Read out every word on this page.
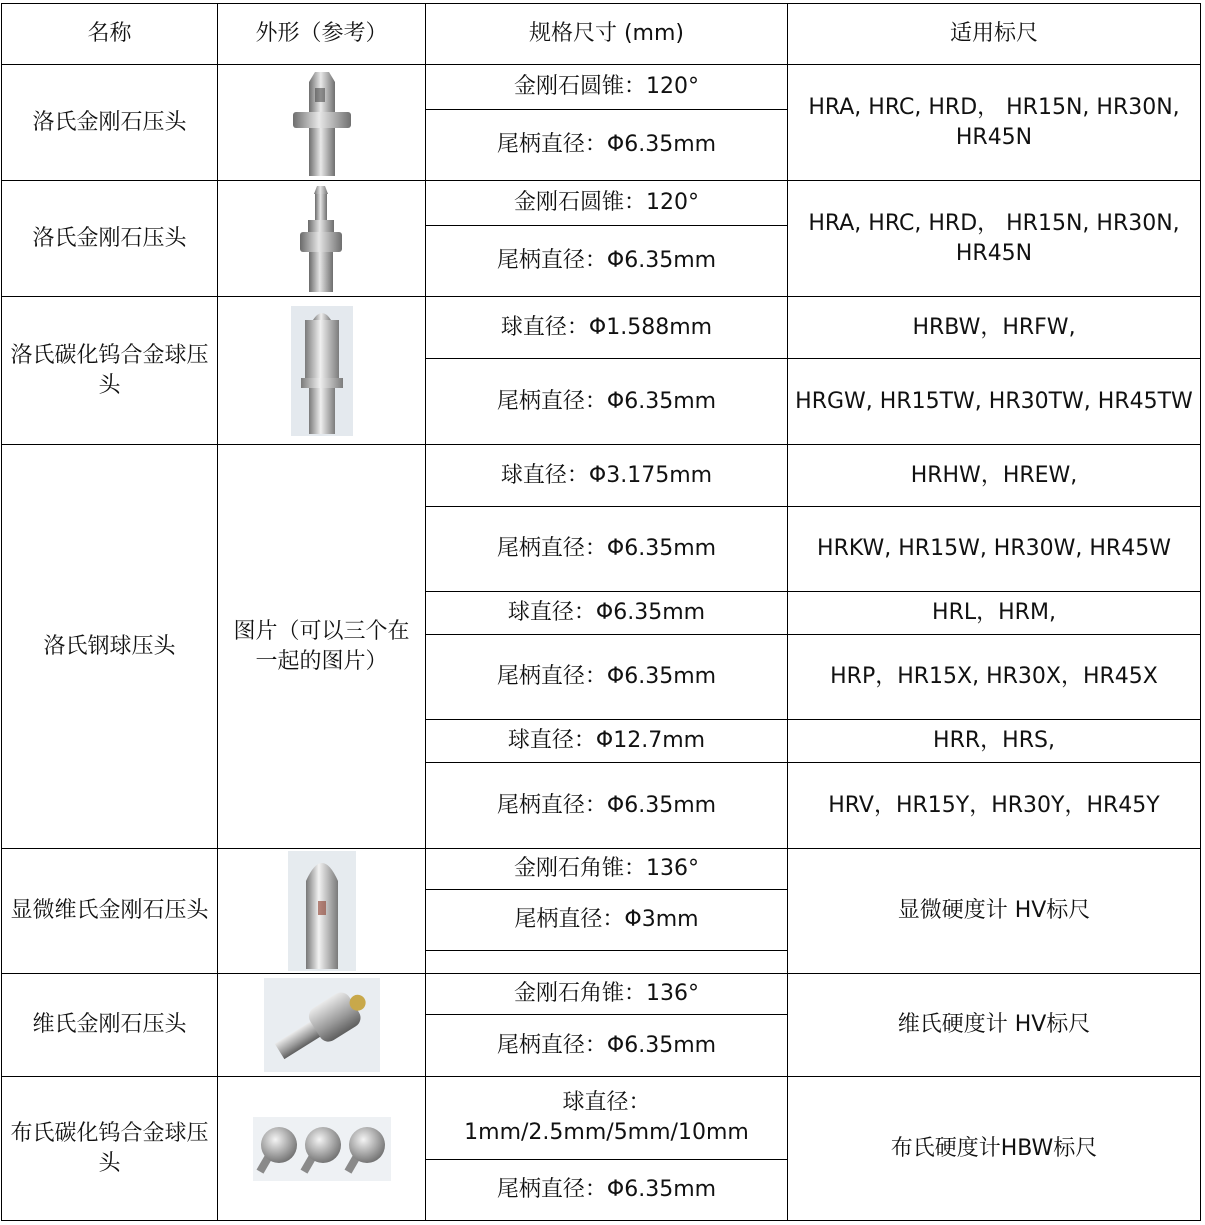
名称	外形（参考）	规格尺寸 (mm)	适用标尺
洛氏金刚石压头		金刚石圆锥：120°	HRA, HRC, HRD， HR15N, HR30N, HR45N
		尾柄直径：Φ6.35mm	
洛氏金刚石压头		金刚石圆锥：120°	HRA, HRC, HRD， HR15N, HR30N, HR45N
		尾柄直径：Φ6.35mm	
洛氏碳化钨合金球压头		球直径：Φ1.588mm	HRBW，HRFW,
		尾柄直径：Φ6.35mm	HRGW, HR15TW, HR30TW, HR45TW
洛氏钢球压头	图片（可以三个在一起的图片）	球直径：Φ3.175mm	HRHW，HREW,
		尾柄直径：Φ6.35mm	HRKW, HR15W, HR30W, HR45W
		球直径：Φ6.35mm	HRL，HRM,
		尾柄直径：Φ6.35mm	HRP，HR15X, HR30X，HR45X
		球直径：Φ12.7mm	HRR，HRS,
		尾柄直径：Φ6.35mm	HRV，HR15Y，HR30Y，HR45Y
显微维氏金刚石压头		金刚石角锥：136°	显微硬度计 HV标尺
		尾柄直径：Φ3mm	

维氏金刚石压头		金刚石角锥：136°	维氏硬度计 HV标尺
		尾柄直径：Φ6.35mm	
布氏碳化钨合金球压头		球直径：1mm/2.5mm/5mm/10mm	布氏硬度计HBW标尺
		尾柄直径：Φ6.35mm	
